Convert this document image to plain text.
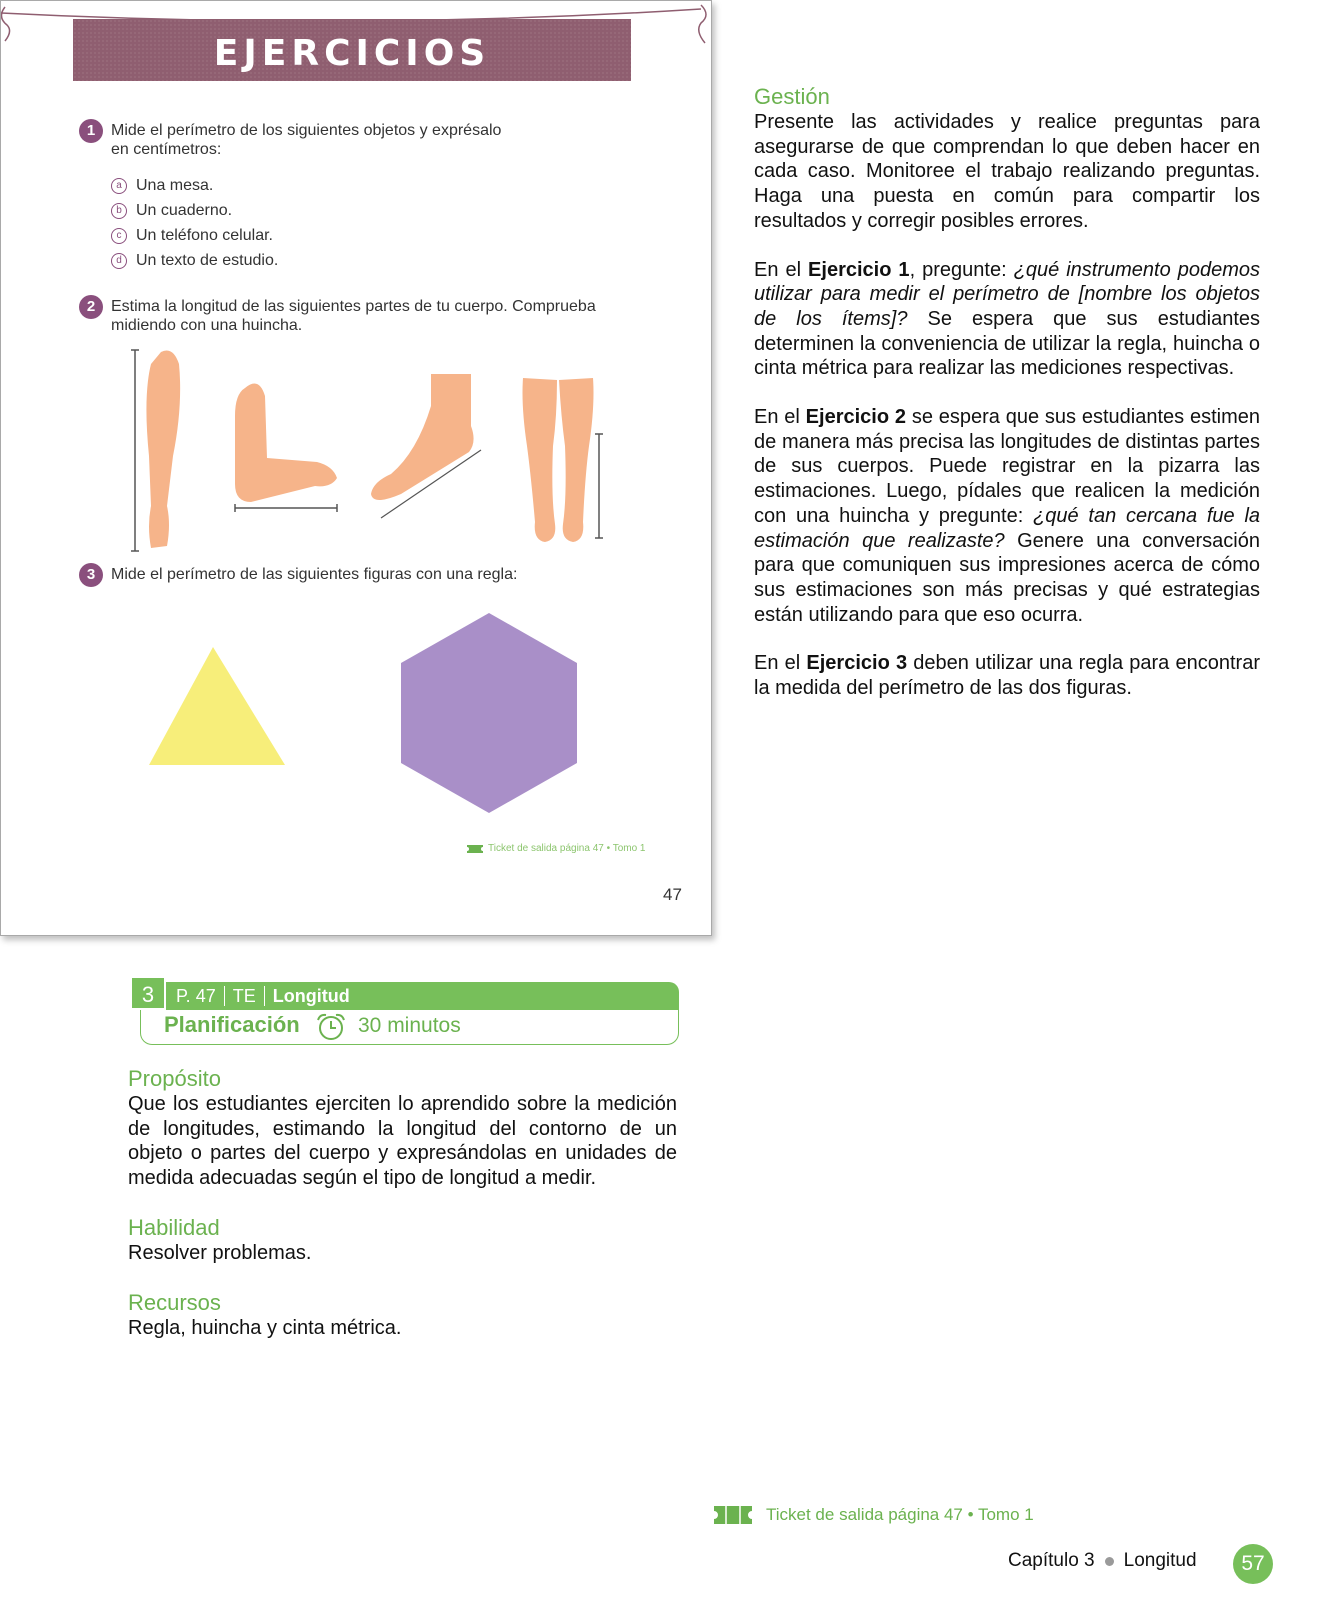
EJERCICIOS
1 Mide el perímetro de los siguientes objetos y exprésalo
en centímetros:
a Una mesa.
b Un cuaderno.
c Un teléfono celular.
d Un texto de estudio.
2 Estima la longitud de las siguientes partes de tu cuerpo. Comprueba
midiendo con una huincha.
3 Mide el perímetro de las siguientes figuras con una regla:
Ticket de salida página 47 • Tomo 1
47
Gestión

Presente las actividades y realice preguntas para asegurarse de que comprendan lo que deben hacer en cada caso. Monitoree el trabajo realizando preguntas. Haga una puesta en común para compartir los resultados y corregir posibles errores.

En el Ejercicio 1, pregunte: ¿qué instrumento podemos utilizar para medir el perímetro de [nombre los objetos de los ítems]? Se espera que sus estudiantes determinen la conveniencia de utilizar la regla, huincha o cinta métrica para realizar las mediciones respectivas.

En el Ejercicio 2 se espera que sus estudiantes estimen de manera más precisa las longitudes de distintas partes de sus cuerpos. Puede registrar en la pizarra las estimaciones. Luego, pídales que realicen la medición con una huincha y pregunte: ¿qué tan cercana fue la estimación que realizaste? Genere una conversación para que comuniquen sus impresiones acerca de cómo sus estimaciones son más precisas y qué estrategias están utilizando para que eso ocurra.

En el Ejercicio 3 deben utilizar una regla para encontrar la medida del perímetro de las dos figuras.

P. 47 TE Longitud
3
Planificación	30 minutos
Propósito

Que los estudiantes ejerciten lo aprendido sobre la medición de longitudes, estimando la longitud del contorno de un objeto o partes del cuerpo y expresándolas en unidades de medida adecuadas según el tipo de longitud a medir.

Habilidad

Resolver problemas.

Recursos

Regla, huincha y cinta métrica.

Ticket de salida página 47 • Tomo 1
Capítulo 3 Longitud	57
